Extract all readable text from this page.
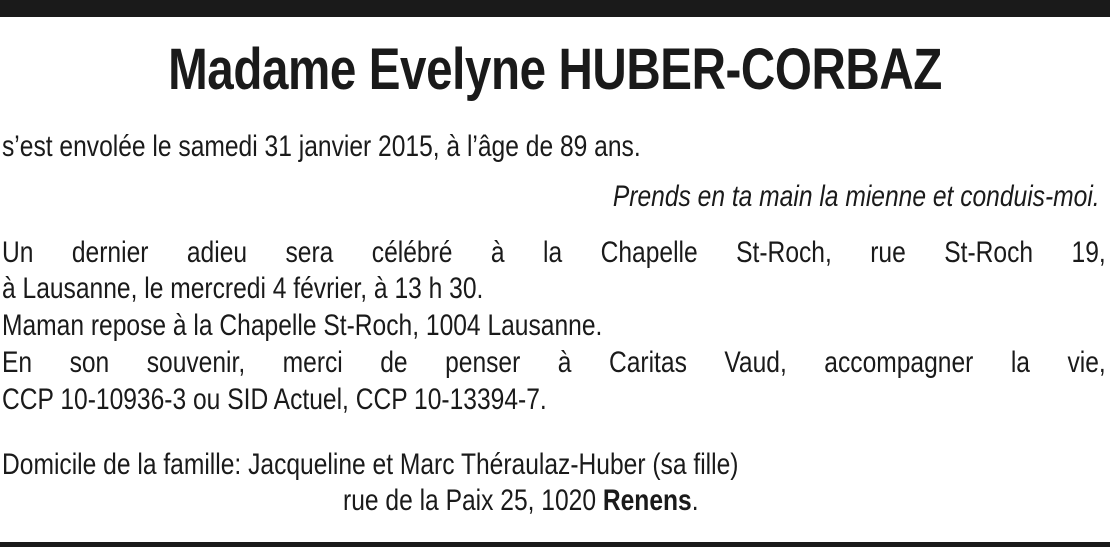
Madame Evelyne HUBER-CORBAZ
s’est envolée le samedi 31 janvier 2015, à l’âge de 89 ans.
Prends en ta main la mienne et conduis-moi.
Un dernier adieu sera célébré à la Chapelle St-Roch, rue St-Roch 19,
à Lausanne, le mercredi 4 février, à 13 h 30.
Maman repose à la Chapelle St-Roch, 1004 Lausanne.
En son souvenir, merci de penser à Caritas Vaud, accompagner la vie,
CCP 10-10936-3 ou SID Actuel, CCP 10-13394-7.
Domicile de la famille: Jacqueline et Marc Théraulaz-Huber (sa fille)
rue de la Paix 25, 1020 Renens.
